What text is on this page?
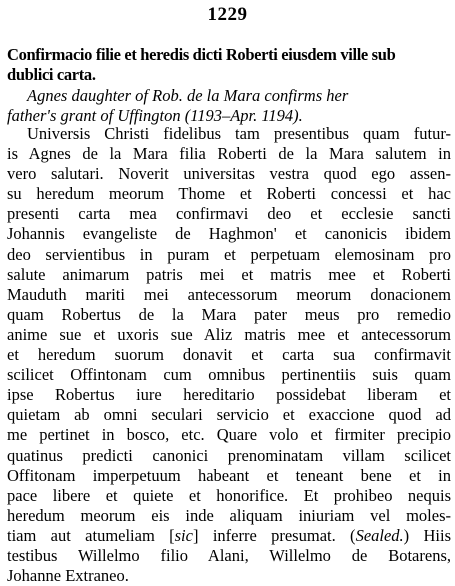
1229
Confirmacio filie et heredis dicti Roberti eiusdem ville sub
dublici carta.
Agnes daughter of Rob. de la Mara confirms her
father's grant of Uffington (1193–Apr. 1194).
Universis Christi fidelibus tam presentibus quam futur-
is Agnes de la Mara filia Roberti de la Mara salutem in
vero salutari. Noverit universitas vestra quod ego assen-
su heredum meorum Thome et Roberti concessi et hac
presenti carta mea confirmavi deo et ecclesie sancti
Johannis evangeliste de Haghmon' et canonicis ibidem
deo servientibus in puram et perpetuam elemosinam pro
salute animarum patris mei et matris mee et Roberti
Mauduth mariti mei antecessorum meorum donacionem
quam Robertus de la Mara pater meus pro remedio
anime sue et uxoris sue Aliz matris mee et antecessorum
et heredum suorum donavit et carta sua confirmavit
scilicet Offintonam cum omnibus pertinentiis suis quam
ipse Robertus iure hereditario possidebat liberam et
quietam ab omni seculari servicio et exaccione quod ad
me pertinet in bosco, etc. Quare volo et firmiter precipio
quatinus predicti canonici prenominatam villam scilicet
Offitonam imperpetuum habeant et teneant bene et in
pace libere et quiete et honorifice. Et prohibeo nequis
heredum meorum eis inde aliquam iniuriam vel moles-
tiam aut atumeliam [sic] inferre presumat. (Sealed.) Hiis
testibus Willelmo filio Alani, Willelmo de Botarens,
Johanne Extraneo.
